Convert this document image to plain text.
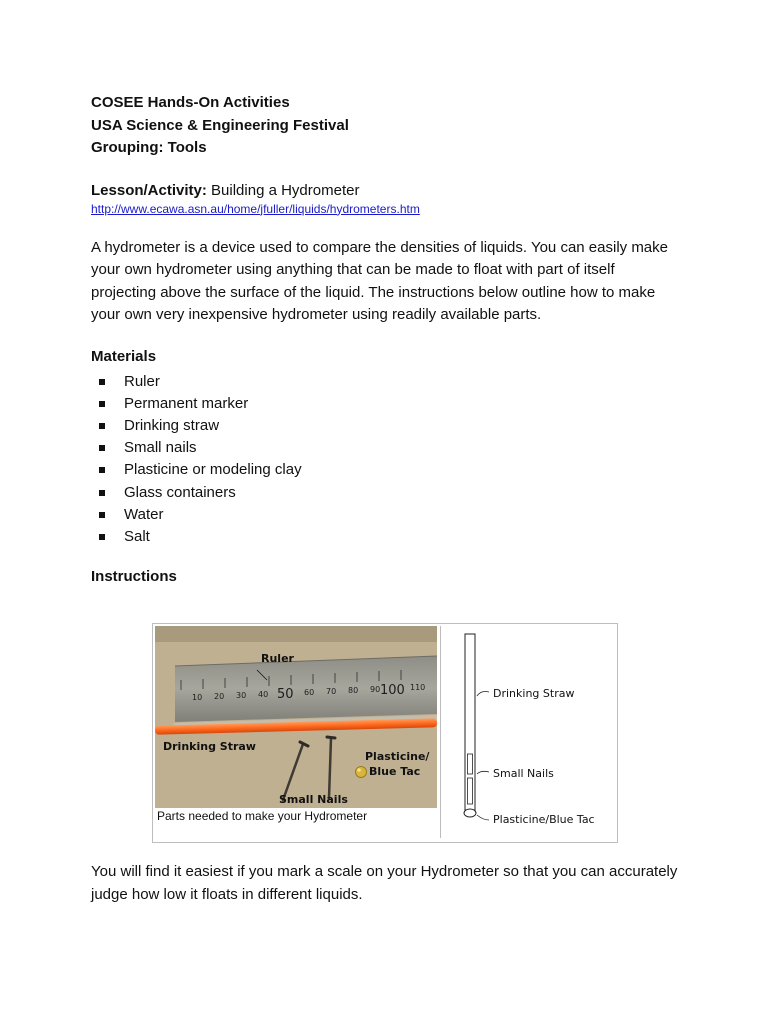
COSEE Hands-On Activities
USA Science & Engineering Festival
Grouping: Tools
Lesson/Activity: Building a Hydrometer
http://www.ecawa.asn.au/home/jfuller/liquids/hydrometers.htm
A hydrometer is a device used to compare the densities of liquids. You can easily make your own hydrometer using anything that can be made to float with part of itself projecting above the surface of the liquid. The instructions below outline how to make your own very inexpensive hydrometer using readily available parts.
Materials
Ruler
Permanent marker
Drinking straw
Small nails
Plasticine or modeling clay
Glass containers
Water
Salt
Instructions
10 20 30 40 50 60 70 80 90 100 110
Ruler
Drinking Straw
Plasticine/
Blue Tac
Small Nails
Parts needed to make your Hydrometer
Drinking Straw
Small Nails
Plasticine/Blue Tac
You will find it easiest if you mark a scale on your Hydrometer so that you can accurately judge how low it floats in different liquids.
